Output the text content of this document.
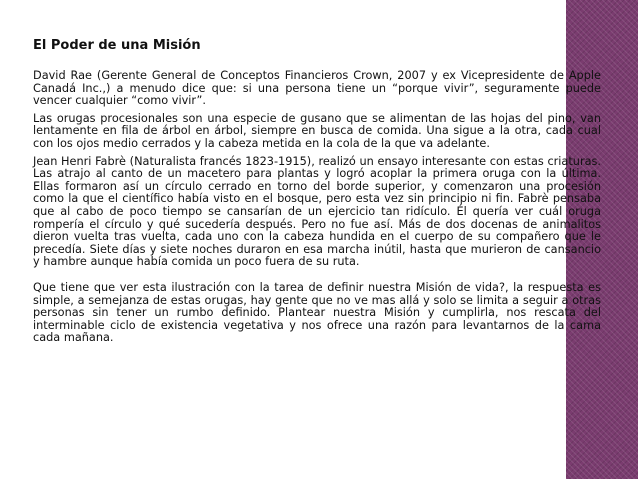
El Poder de una Misión

David Rae (Gerente General de Conceptos Financieros Crown, 2007 y ex Vicepresidente de Apple Canadá Inc.,) a menudo dice que: si una persona tiene un “porque vivir”, seguramente puede vencer cualquier “como vivir”.

Las orugas procesionales son una especie de gusano que se alimentan de las hojas del pino, van lentamente en fila de árbol en árbol, siempre en busca de comida. Una sigue a la otra, cada cual con los ojos medio cerrados y la cabeza metida en la cola de la que va adelante.

Jean Henri Fabrè (Naturalista francés 1823-1915), realizó un ensayo interesante con estas criaturas. Las atrajo al canto de un macetero para plantas y logró acoplar la primera oruga con la última. Ellas formaron así un círculo cerrado en torno del borde superior, y comenzaron una procesión como la que el científico había visto en el bosque, pero esta vez sin principio ni fin. Fabrè pensaba que al cabo de poco tiempo se cansarían de un ejercicio tan ridículo. Él quería ver cuál oruga rompería el círculo y qué sucedería después. Pero no fue así. Más de dos docenas de animalitos dieron vuelta tras vuelta, cada uno con la cabeza hundida en el cuerpo de su compañero que le precedía. Siete días y siete noches duraron en esa marcha inútil, hasta que murieron de cansancio y hambre aunque había comida un poco fuera de su ruta.

Que tiene que ver esta ilustración con la tarea de definir nuestra Misión de vida?, la respuesta es simple, a semejanza de estas orugas, hay gente que no ve mas allá y solo se limita a seguir a otras personas sin tener un rumbo definido. Plantear nuestra Misión y cumplirla, nos rescata del interminable ciclo de existencia vegetativa y nos ofrece una razón para levantarnos de la cama cada mañana.
